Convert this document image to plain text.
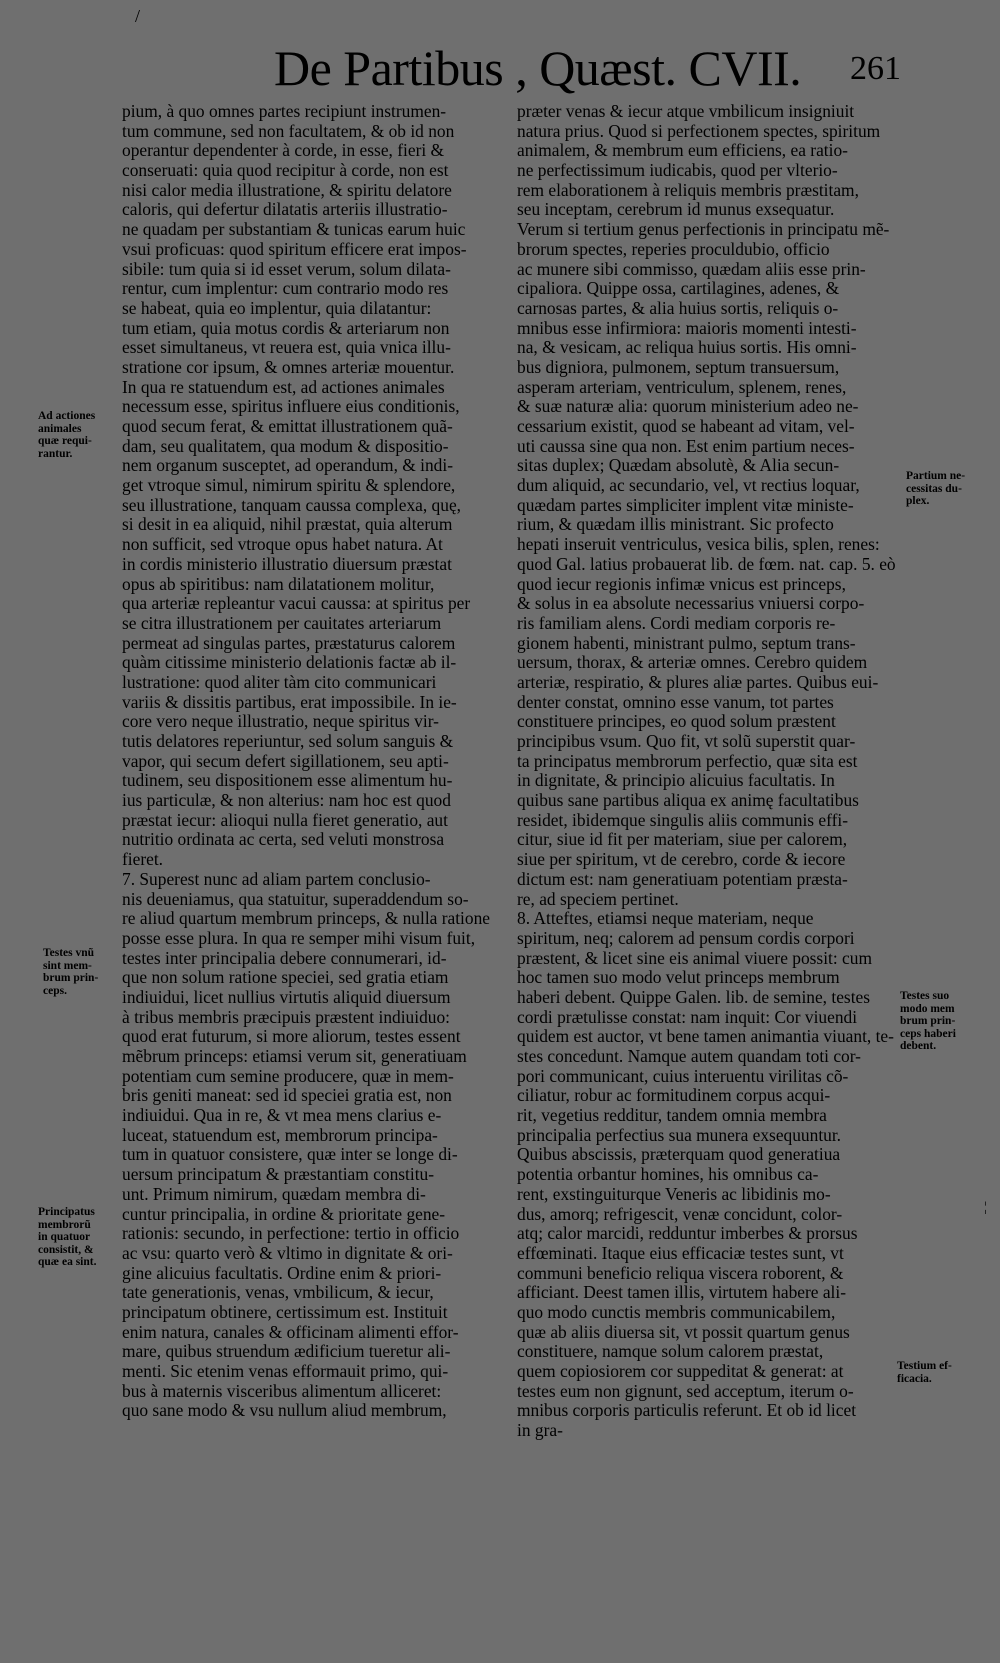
/
De Partibus , Quæst. CVII. 261
pium, à quo omnes partes recipiunt instrumen-
tum commune, sed non facultatem, & ob id non
operantur dependenter à corde, in esse, fieri &
conseruati: quia quod recipitur à corde, non est
nisi calor media illustratione, & spiritu delatore
caloris, qui defertur dilatatis arteriis illustratio-
ne quadam per substantiam & tunicas earum huic
vsui proficuas: quod spiritum efficere erat impos-
sibile: tum quia si id esset verum, solum dilata-
rentur, cum implentur: cum contrario modo res
se habeat, quia eo implentur, quia dilatantur:
tum etiam, quia motus cordis & arteriarum non
esset simultaneus, vt reuera est, quia vnica illu-
stratione cor ipsum, & omnes arteriæ mouentur.
In qua re statuendum est, ad actiones animales
necessum esse, spiritus influere eius conditionis,
quod secum ferat, & emittat illustrationem quã-
dam, seu qualitatem, qua modum & dispositio-
nem organum susceptet, ad operandum, & indi-
get vtroque simul, nimirum spiritu & splendore,
seu illustratione, tanquam caussa complexa, quę,
si desit in ea aliquid, nihil præstat, quia alterum
non sufficit, sed vtroque opus habet natura. At
in cordis ministerio illustratio diuersum præstat
opus ab spiritibus: nam dilatationem molitur,
qua arteriæ repleantur vacui caussa: at spiritus per
se citra illustrationem per cauitates arteriarum
permeat ad singulas partes, præstaturus calorem
quàm citissime ministerio delationis factæ ab il-
lustratione: quod aliter tàm cito communicari
variis & dissitis partibus, erat impossibile. In ie-
core vero neque illustratio, neque spiritus vir-
tutis delatores reperiuntur, sed solum sanguis &
vapor, qui secum defert sigillationem, seu apti-
tudinem, seu dispositionem esse alimentum hu-
ius particulæ, & non alterius: nam hoc est quod
præstat iecur: alioqui nulla fieret generatio, aut
nutritio ordinata ac certa, sed veluti monstrosa
fieret.
7. Superest nunc ad aliam partem conclusio-
nis deueniamus, qua statuitur, superaddendum so-
re aliud quartum membrum princeps, & nulla ratione
posse esse plura. In qua re semper mihi visum fuit,
testes inter principalia debere connumerari, id-
que non solum ratione speciei, sed gratia etiam
indiuidui, licet nullius virtutis aliquid diuersum
à tribus membris præcipuis præstent indiuiduo:
quod erat futurum, si more aliorum, testes essent
mẽbrum princeps: etiamsi verum sit, generatiuam
potentiam cum semine producere, quæ in mem-
bris geniti maneat: sed id speciei gratia est, non
indiuidui. Qua in re, & vt mea mens clarius e-
luceat, statuendum est, membrorum principa-
tum in quatuor consistere, quæ inter se longe di-
uersum principatum & præstantiam constitu-
unt. Primum nimirum, quædam membra di-
cuntur principalia, in ordine & prioritate gene-
rationis: secundo, in perfectione: tertio in officio
ac vsu: quarto verò & vltimo in dignitate & ori-
gine alicuius facultatis. Ordine enim & priori-
tate generationis, venas, vmbilicum, & iecur,
principatum obtinere, certissimum est. Instituit
enim natura, canales & officinam alimenti effor-
mare, quibus struendum ædificium tueretur ali-
menti. Sic etenim venas efformauit primo, qui-
bus à maternis visceribus alimentum alliceret:
quo sane modo & vsu nullum aliud membrum,
præter venas & iecur atque vmbilicum insigniuit
natura prius. Quod si perfectionem spectes, spiritum
animalem, & membrum eum efficiens, ea ratio-
ne perfectissimum iudicabis, quod per vlterio-
rem elaborationem à reliquis membris præstitam,
seu inceptam, cerebrum id munus exsequatur.
Verum si tertium genus perfectionis in principatu mẽ-
brorum spectes, reperies proculdubio, officio
ac munere sibi commisso, quædam aliis esse prin-
cipaliora. Quippe ossa, cartilagines, adenes, &
carnosas partes, & alia huius sortis, reliquis o-
mnibus esse infirmiora: maioris momenti intesti-
na, & vesicam, ac reliqua huius sortis. His omni-
bus digniora, pulmonem, septum transuersum,
asperam arteriam, ventriculum, splenem, renes,
& suæ naturæ alia: quorum ministerium adeo ne-
cessarium existit, quod se habeant ad vitam, vel-
uti caussa sine qua non. Est enim partium neces-
sitas duplex; Quædam absolutè, & Alia secun-
dum aliquid, ac secundario, vel, vt rectius loquar,
quædam partes simpliciter implent vitæ ministe-
rium, & quædam illis ministrant. Sic profecto
hepati inseruit ventriculus, vesica bilis, splen, renes:
quod Gal. latius probauerat lib. de fœm. nat. cap. 5. eò
quod iecur regionis infimæ vnicus est princeps,
& solus in ea absolute necessarius vniuersi corpo-
ris familiam alens. Cordi mediam corporis re-
gionem habenti, ministrant pulmo, septum trans-
uersum, thorax, & arteriæ omnes. Cerebro quidem
arteriæ, respiratio, & plures aliæ partes. Quibus eui-
denter constat, omnino esse vanum, tot partes
constituere principes, eo quod solum præstent
principibus vsum. Quo fit, vt solũ superstit quar-
ta principatus membrorum perfectio, quæ sita est
in dignitate, & principio alicuius facultatis. In
quibus sane partibus aliqua ex animę facultatibus
residet, ibidemque singulis aliis communis effi-
citur, siue id fit per materiam, siue per calorem,
siue per spiritum, vt de cerebro, corde & iecore
dictum est: nam generatiuam potentiam præsta-
re, ad speciem pertinet.
8. Atteftes, etiamsi neque materiam, neque
spiritum, neq; calorem ad pensum cordis corpori
præstent, & licet sine eis animal viuere possit: cum
hoc tamen suo modo velut princeps membrum
haberi debent. Quippe Galen. lib. de semine, testes
cordi prætulisse constat: nam inquit: Cor viuendi
quidem est auctor, vt bene tamen animantia viuant, te-
stes concedunt. Namque autem quandam toti cor-
pori communicant, cuius interuentu virilitas cõ-
ciliatur, robur ac formitudinem corpus acqui-
rit, vegetius redditur, tandem omnia membra
principalia perfectius sua munera exsequuntur.
Quibus abscissis, præterquam quod generatiua
potentia orbantur homines, his omnibus ca-
rent, exstinguiturque Veneris ac libidinis mo-
dus, amorq; refrigescit, venæ concidunt, color-
atq; calor marcidi, redduntur imberbes & prorsus
effœminati. Itaque eius efficaciæ testes sunt, vt
communi beneficio reliqua viscera roborent, &
afficiant. Deest tamen illis, virtutem habere ali-
quo modo cunctis membris communicabilem,
quæ ab aliis diuersa sit, vt possit quartum genus
constituere, namque solum calorem præstat,
quem copiosiorem cor suppeditat & generat: at
testes eum non gignunt, sed acceptum, iterum o-
mnibus corporis particulis referunt. Et ob id licet
in gra-
Ad actiones
animales
quæ requi-
rantur.
Testes vnũ
sint mem-
brum prin-
ceps.
Principatus
membrorũ
in quatuor
consistit, &
quæ ea sint.
Partium ne-
cessitas du-
plex.
Testes suo
modo mem
brum prin-
ceps haberi
debent.
Testium ef-
ficacia.
¦
